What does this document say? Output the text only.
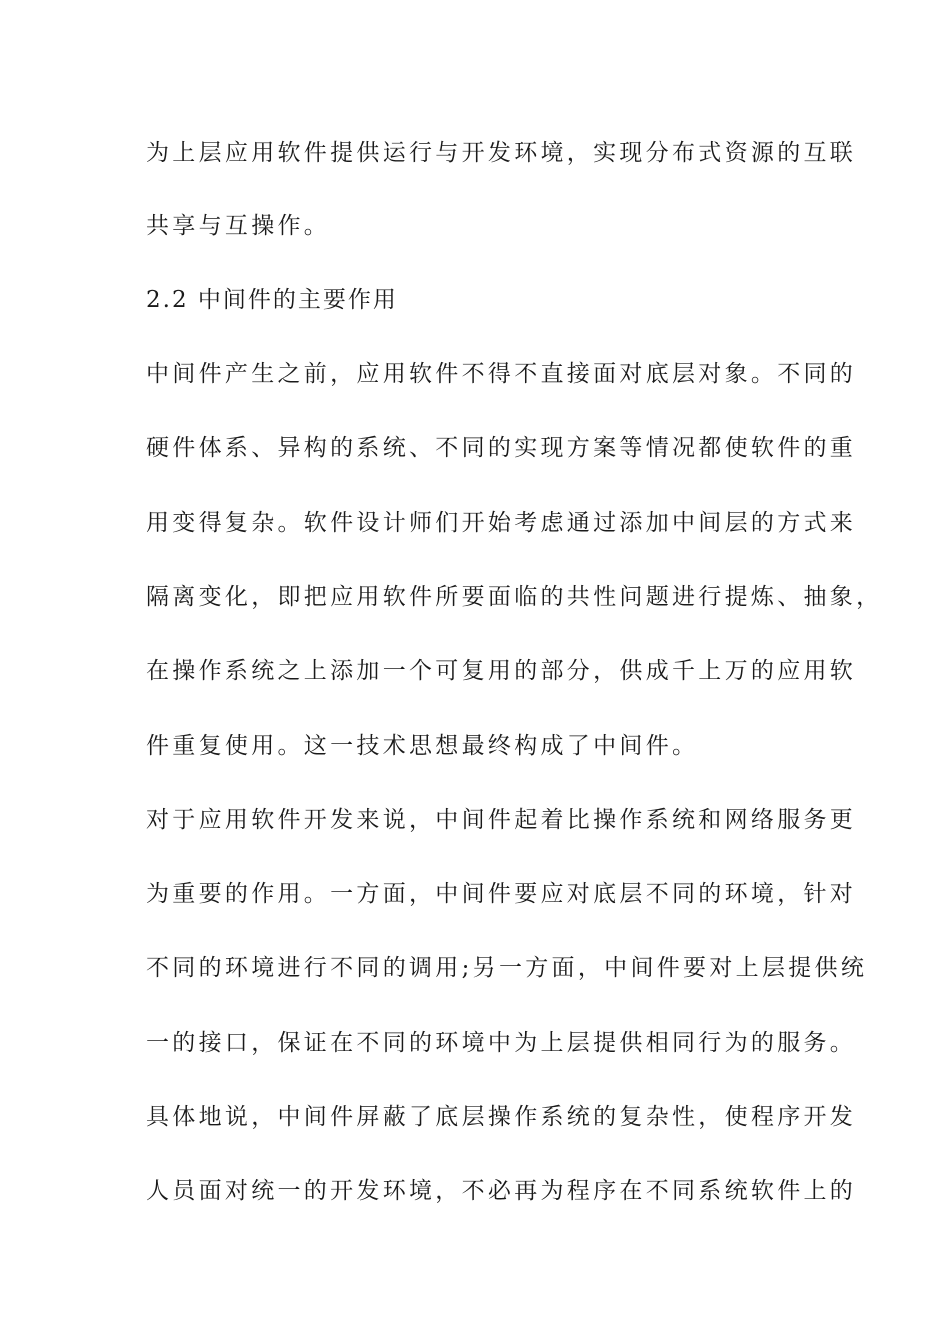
为上层应用软件提供运行与开发环境，实现分布式资源的互联
共享与互操作。
2.2 中间件的主要作用
中间件产生之前，应用软件不得不直接面对底层对象。不同的
硬件体系、异构的系统、不同的实现方案等情况都使软件的重
用变得复杂。软件设计师们开始考虑通过添加中间层的方式来
隔离变化，即把应用软件所要面临的共性问题进行提炼、抽象，
在操作系统之上添加一个可复用的部分，供成千上万的应用软
件重复使用。这一技术思想最终构成了中间件。
对于应用软件开发来说，中间件起着比操作系统和网络服务更
为重要的作用。一方面，中间件要应对底层不同的环境，针对
不同的环境进行不同的调用;另一方面，中间件要对上层提供统
一的接口，保证在不同的环境中为上层提供相同行为的服务。
具体地说，中间件屏蔽了底层操作系统的复杂性，使程序开发
人员面对统一的开发环境，不必再为程序在不同系统软件上的
